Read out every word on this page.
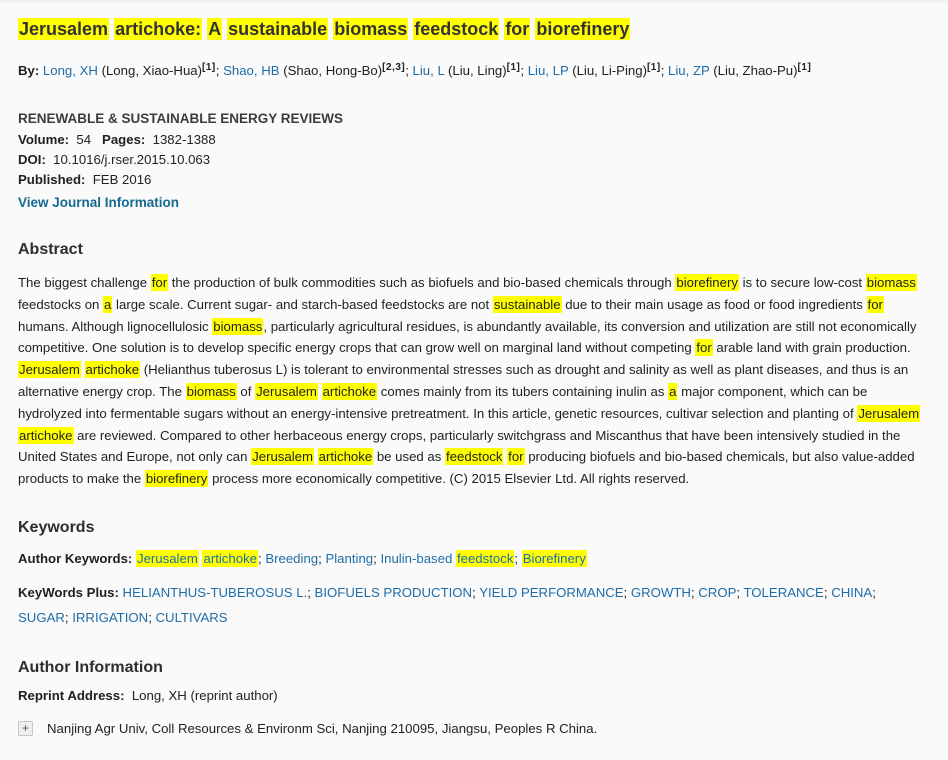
Jerusalem artichoke: A sustainable biomass feedstock for biorefinery
By: Long, XH (Long, Xiao-Hua)[1]; Shao, HB (Shao, Hong-Bo)[2,3]; Liu, L (Liu, Ling)[1]; Liu, LP (Liu, Li-Ping)[1]; Liu, ZP (Liu, Zhao-Pu)[1]
RENEWABLE & SUSTAINABLE ENERGY REVIEWS
Volume:  54   Pages:  1382-1388
DOI:  10.1016/j.rser.2015.10.063
Published:  FEB 2016
View Journal Information
Abstract

The biggest challenge for the production of bulk commodities such as biofuels and bio-based chemicals through biorefinery is to secure low-cost biomass feedstocks on a large scale. Current sugar- and starch-based feedstocks are not sustainable due to their main usage as food or food ingredients for humans. Although lignocellulosic biomass, particularly agricultural residues, is abundantly available, its conversion and utilization are still not economically competitive. One solution is to develop specific energy crops that can grow well on marginal land without competing for arable land with grain production. Jerusalem artichoke (Helianthus tuberosus L) is tolerant to environmental stresses such as drought and salinity as well as plant diseases, and thus is an alternative energy crop. The biomass of Jerusalem artichoke comes mainly from its tubers containing inulin as a major component, which can be hydrolyzed into fermentable sugars without an energy-intensive pretreatment. In this article, genetic resources, cultivar selection and planting of Jerusalem artichoke are reviewed. Compared to other herbaceous energy crops, particularly switchgrass and Miscanthus that have been intensively studied in the United States and Europe, not only can Jerusalem artichoke be used as feedstock for producing biofuels and bio-based chemicals, but also value-added products to make the biorefinery process more economically competitive. (C) 2015 Elsevier Ltd. All rights reserved.

Keywords
Author Keywords: Jerusalem artichoke; Breeding; Planting; Inulin-based feedstock; Biorefinery
KeyWords Plus: HELIANTHUS-TUBEROSUS L.; BIOFUELS PRODUCTION; YIELD PERFORMANCE; GROWTH; CROP; TOLERANCE; CHINA; SUGAR; IRRIGATION; CULTIVARS
Author Information
Reprint Address:  Long, XH (reprint author)
+	Nanjing Agr Univ, Coll Resources & Environm Sci, Nanjing 210095, Jiangsu, Peoples R China.
